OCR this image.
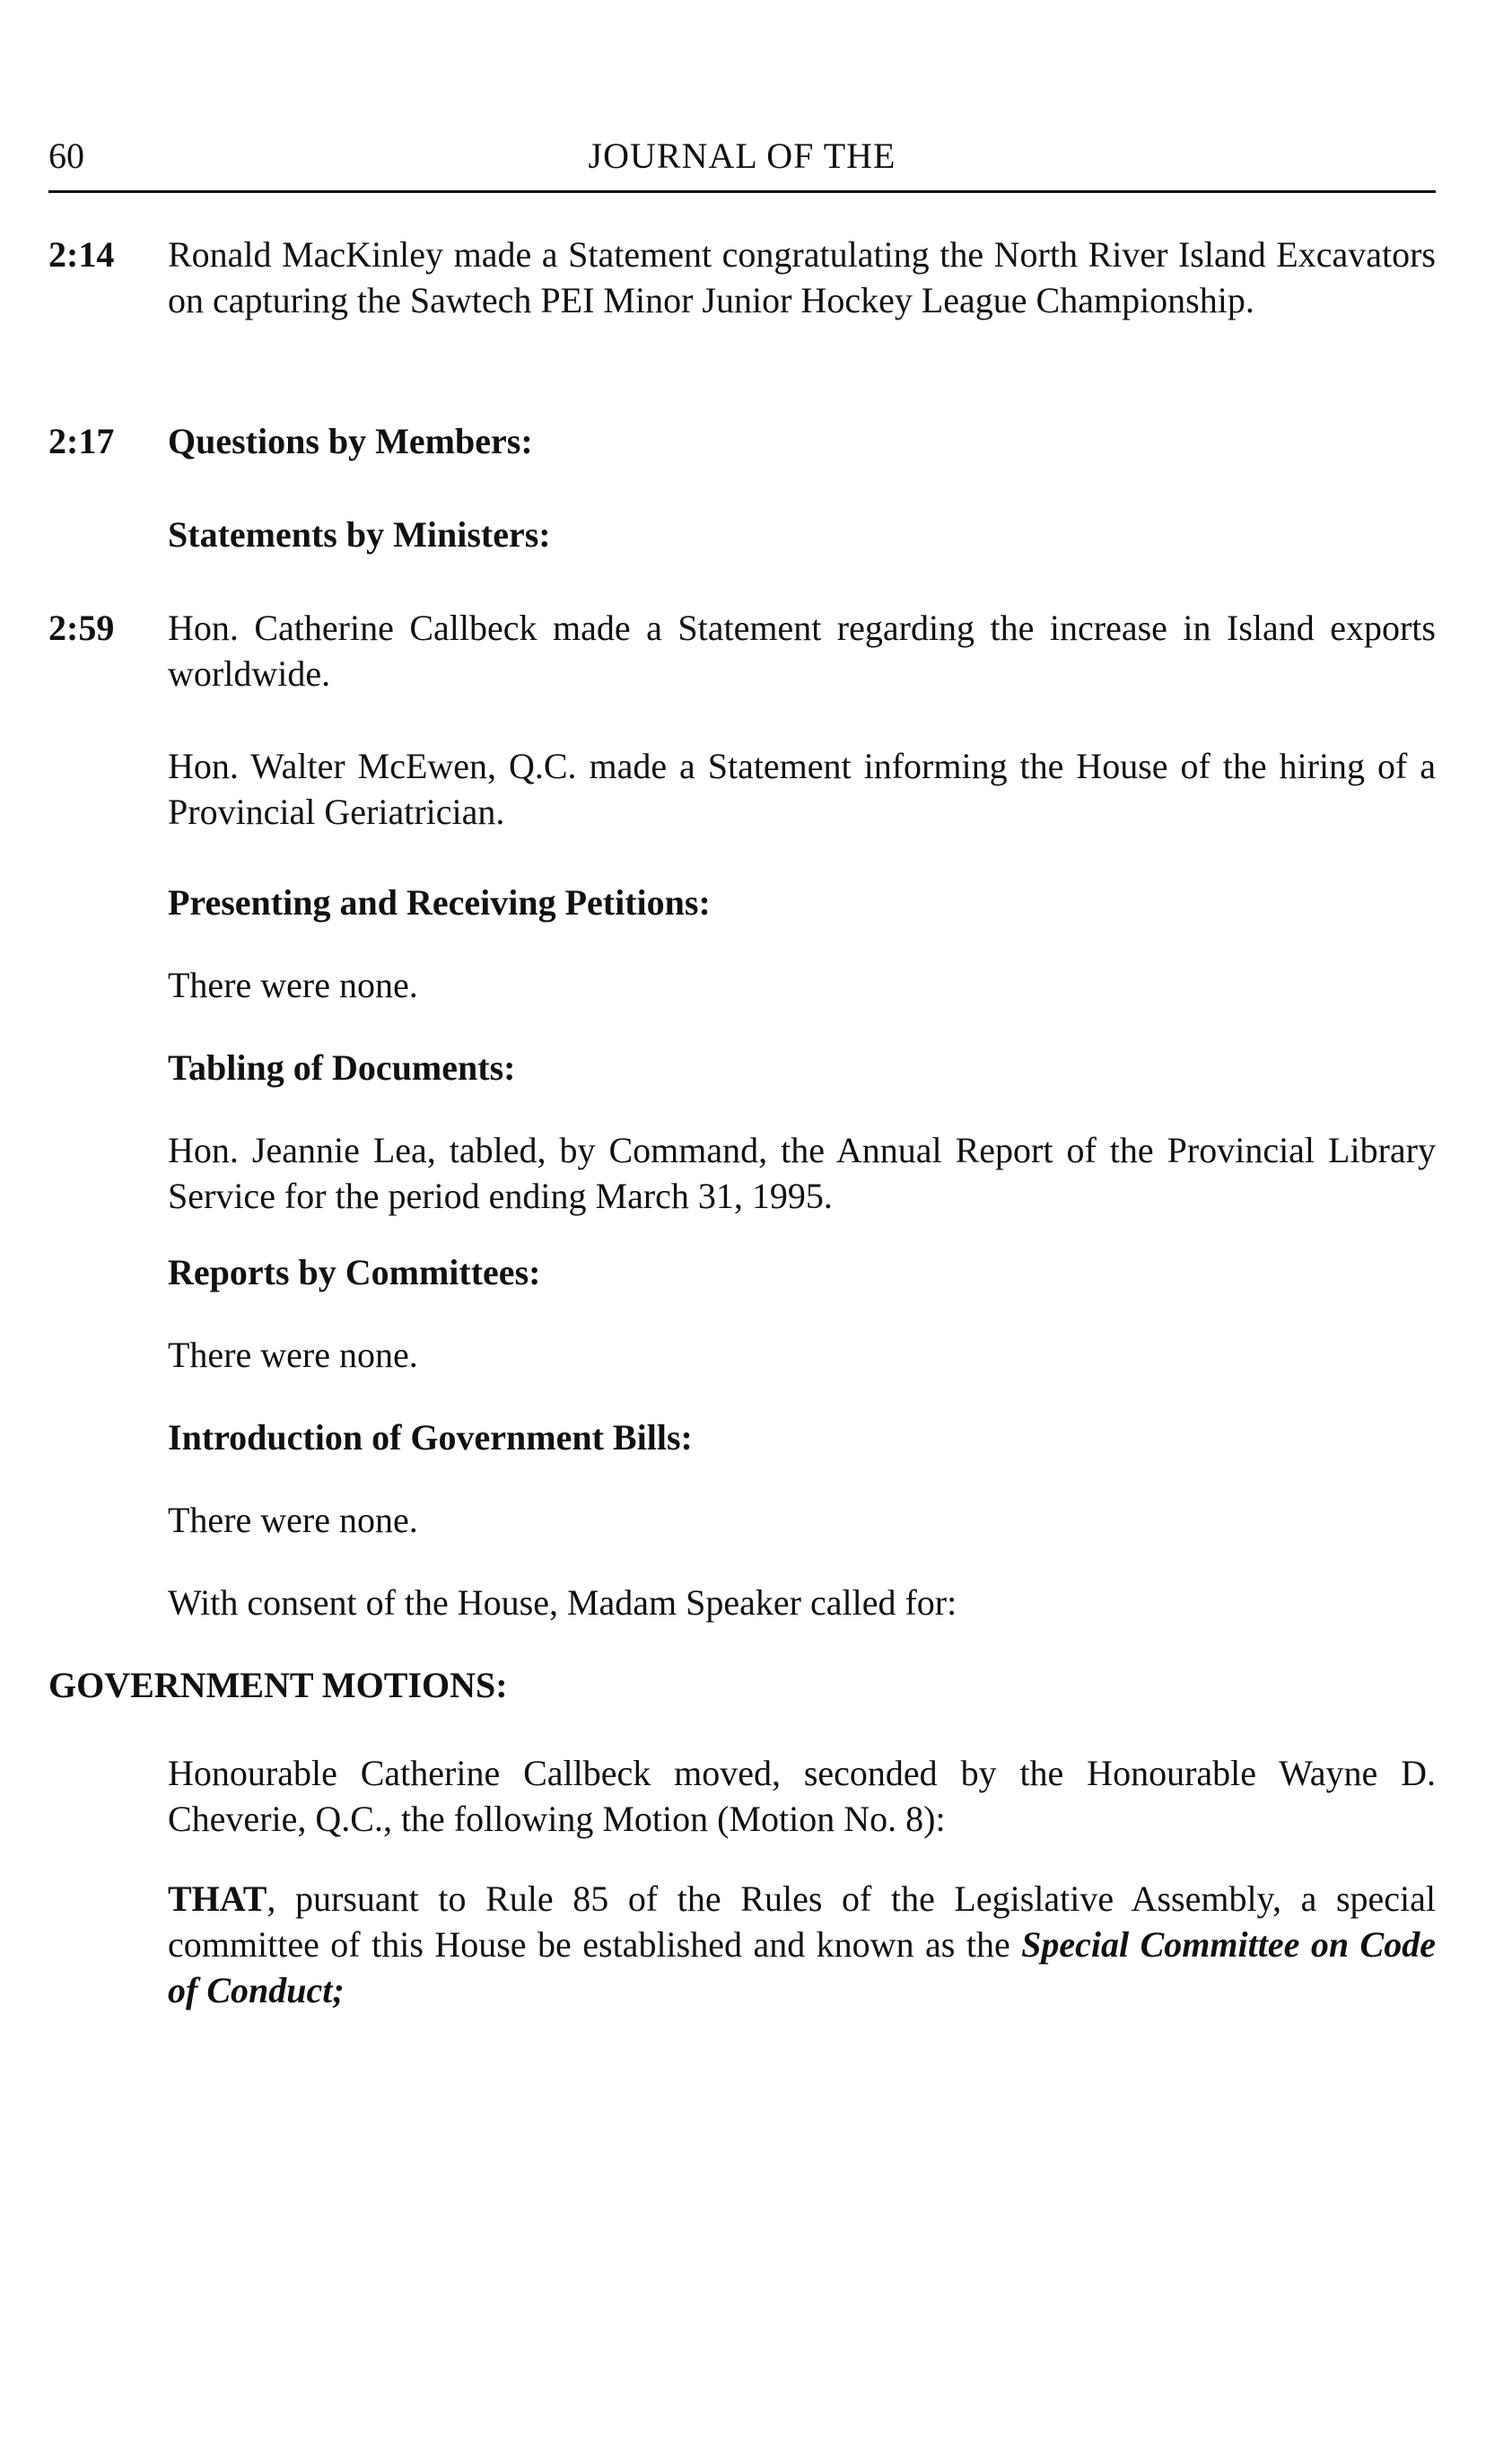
60	JOURNAL OF THE
2:14 Ronald MacKinley made a Statement congratulating the North River Island Excavators on capturing the Sawtech PEI Minor Junior Hockey League Championship.
2:17 Questions by Members:
Statements by Ministers:
2:59 Hon. Catherine Callbeck made a Statement regarding the increase in Island exports worldwide.
Hon. Walter McEwen, Q.C. made a Statement informing the House of the hiring of a Provincial Geriatrician.
Presenting and Receiving Petitions:
There were none.
Tabling of Documents:
Hon. Jeannie Lea, tabled, by Command, the Annual Report of the Provincial Library Service for the period ending March 31, 1995.
Reports by Committees:
There were none.
Introduction of Government Bills:
There were none.
With consent of the House, Madam Speaker called for:
GOVERNMENT MOTIONS:
Honourable Catherine Callbeck moved, seconded by the Honourable Wayne D. Cheverie, Q.C., the following Motion (Motion No. 8):
THAT, pursuant to Rule 85 of the Rules of the Legislative Assembly, a special committee of this House be established and known as the Special Committee on Code of Conduct;
